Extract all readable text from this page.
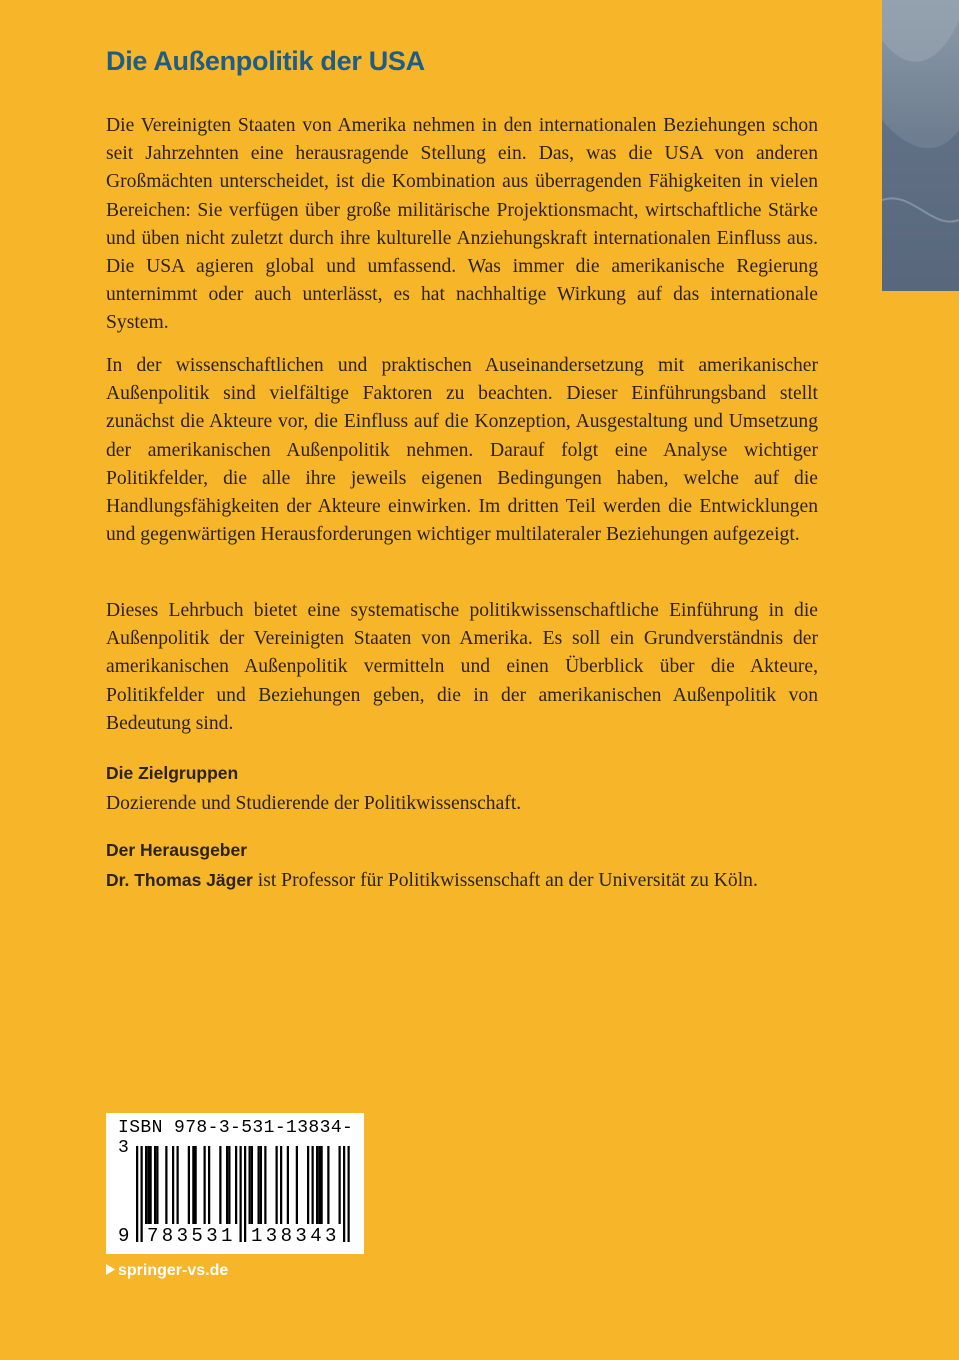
Die Außenpolitik der USA

Die Vereinigten Staaten von Amerika nehmen in den internationalen Beziehungen schon seit Jahrzehnten eine herausragende Stellung ein. Das, was die USA von anderen Großmächten unterscheidet, ist die Kombination aus überragenden Fähigkeiten in vielen Bereichen: Sie verfügen über große militärische Projektionsmacht, wirtschaftliche Stärke und üben nicht zuletzt durch ihre kulturelle Anziehungskraft internationalen Einfluss aus. Die USA agieren global und umfassend. Was immer die amerikanische Regierung unternimmt oder auch unterlässt, es hat nachhaltige Wirkung auf das internationale System.

In der wissenschaftlichen und praktischen Auseinandersetzung mit amerikanischer Außenpolitik sind vielfältige Faktoren zu beachten. Dieser Einführungsband stellt zunächst die Akteure vor, die Einfluss auf die Konzeption, Ausgestaltung und Umsetzung der amerikanischen Außenpolitik nehmen. Darauf folgt eine Analyse wichtiger Politikfelder, die alle ihre jeweils eigenen Bedingungen haben, welche auf die Handlungsfähigkeiten der Akteure einwirken. Im dritten Teil werden die Entwicklungen und gegenwärtigen Herausforderungen wichtiger multilateraler Beziehungen aufgezeigt.

Dieses Lehrbuch bietet eine systematische politikwissenschaftliche Einführung in die Außenpolitik der Vereinigten Staaten von Amerika. Es soll ein Grundverständnis der amerikanischen Außenpolitik vermitteln und einen Überblick über die Akteure, Politikfelder und Beziehungen geben, die in der amerikanischen Außenpolitik von Bedeutung sind.

Die Zielgruppen

Dozierende und Studierende der Politikwissenschaft.

Der Herausgeber

Dr. Thomas Jäger ist Professor für Politikwissenschaft an der Universität zu Köln.

ISBN 978-3-531-13834-3

9 783531 138343
springer-vs.de
